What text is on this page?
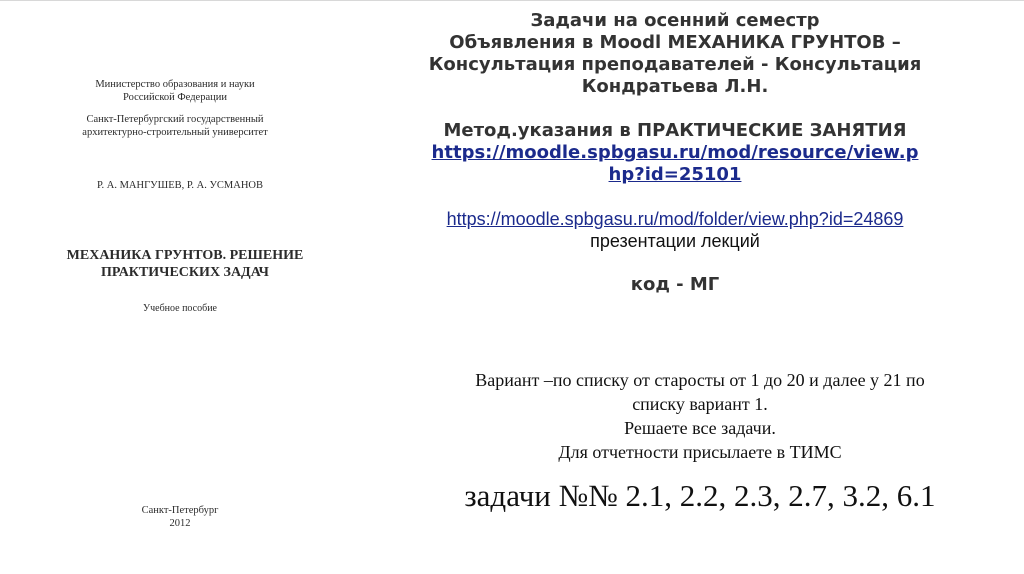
Министерство образования и науки
Российской Федерации
Санкт-Петербургский государственный
архитектурно-строительный университет
Р. А. МАНГУШЕВ, Р. А. УСМАНОВ
МЕХАНИКА ГРУНТОВ. РЕШЕНИЕ
ПРАКТИЧЕСКИХ ЗАДАЧ
Учебное пособие
Санкт-Петербург
2012
Задачи на осенний семестр
Объявления в Moodl МЕХАНИКА ГРУНТОВ –
Консультация преподавателей - Консультация
Кондратьева Л.Н.
Метод.указания в ПРАКТИЧЕСКИЕ ЗАНЯТИЯ
https://moodle.spbgasu.ru/mod/resource/view.p
hp?id=25101
https://moodle.spbgasu.ru/mod/folder/view.php?id=24869
презентации лекций
код - МГ
Вариант –по списку от старосты от 1 до 20 и далее у 21 по
списку вариант 1.
Решаете все задачи.
Для отчетности присылаете в ТИМС
задачи №№ 2.1, 2.2, 2.3, 2.7, 3.2, 6.1
